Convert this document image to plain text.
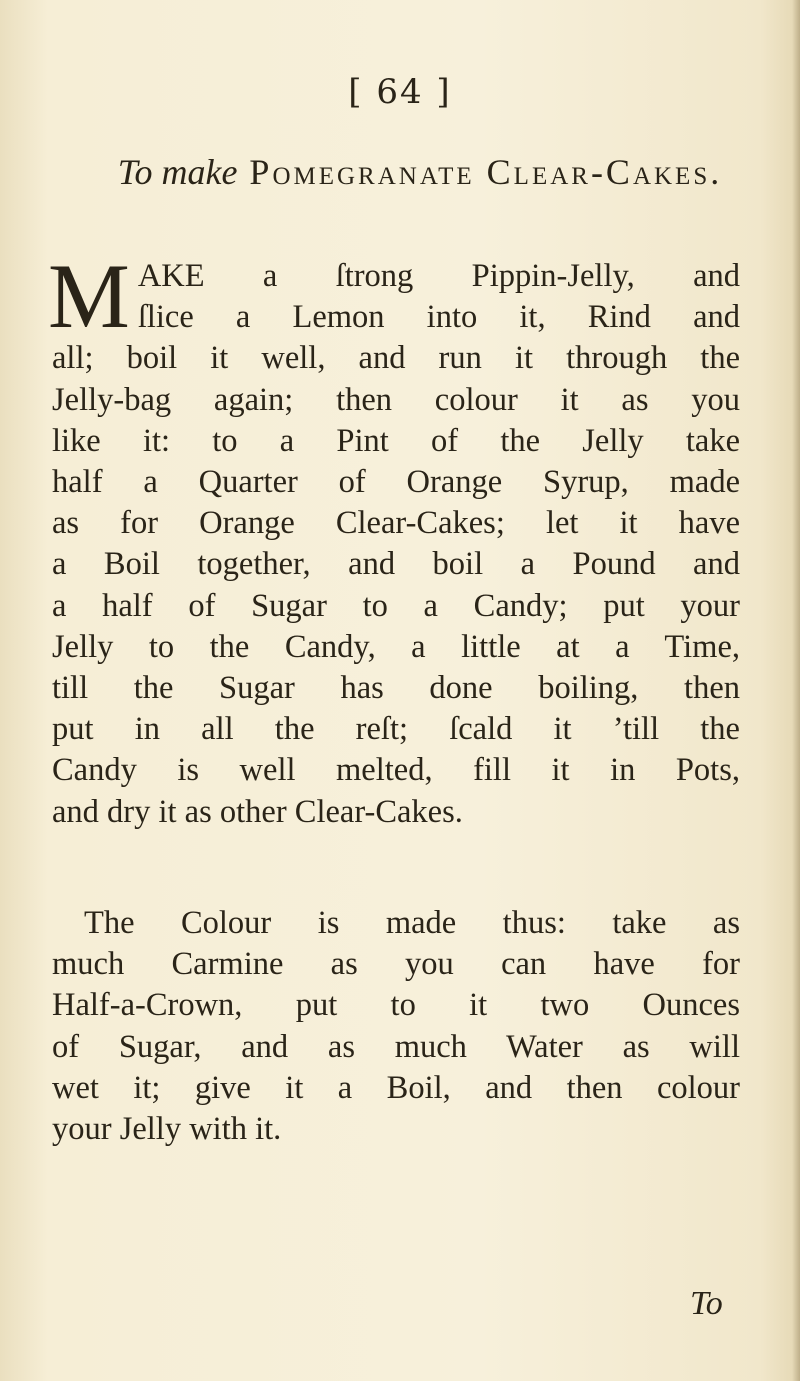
[ 64 ]
To make Pomegranate Clear-Cakes.
M AKE a ſtrong Pippin-Jelly, and
ſlice a Lemon into it, Rind and
all; boil it well, and run it through the
Jelly-bag again; then colour it as you
like it: to a Pint of the Jelly take
half a Quarter of Orange Syrup, made
as for Orange Clear-Cakes; let it have
a Boil together, and boil a Pound and
a half of Sugar to a Candy; put your
Jelly to the Candy, a little at a Time,
till the Sugar has done boiling, then
put in all the reſt; ſcald it ’till the
Candy is well melted, fill it in Pots,
and dry it as other Clear-Cakes.
The Colour is made thus: take as
much Carmine as you can have for
Half-a-Crown, put to it two Ounces
of Sugar, and as much Water as will
wet it; give it a Boil, and then colour
your Jelly with it.
To
